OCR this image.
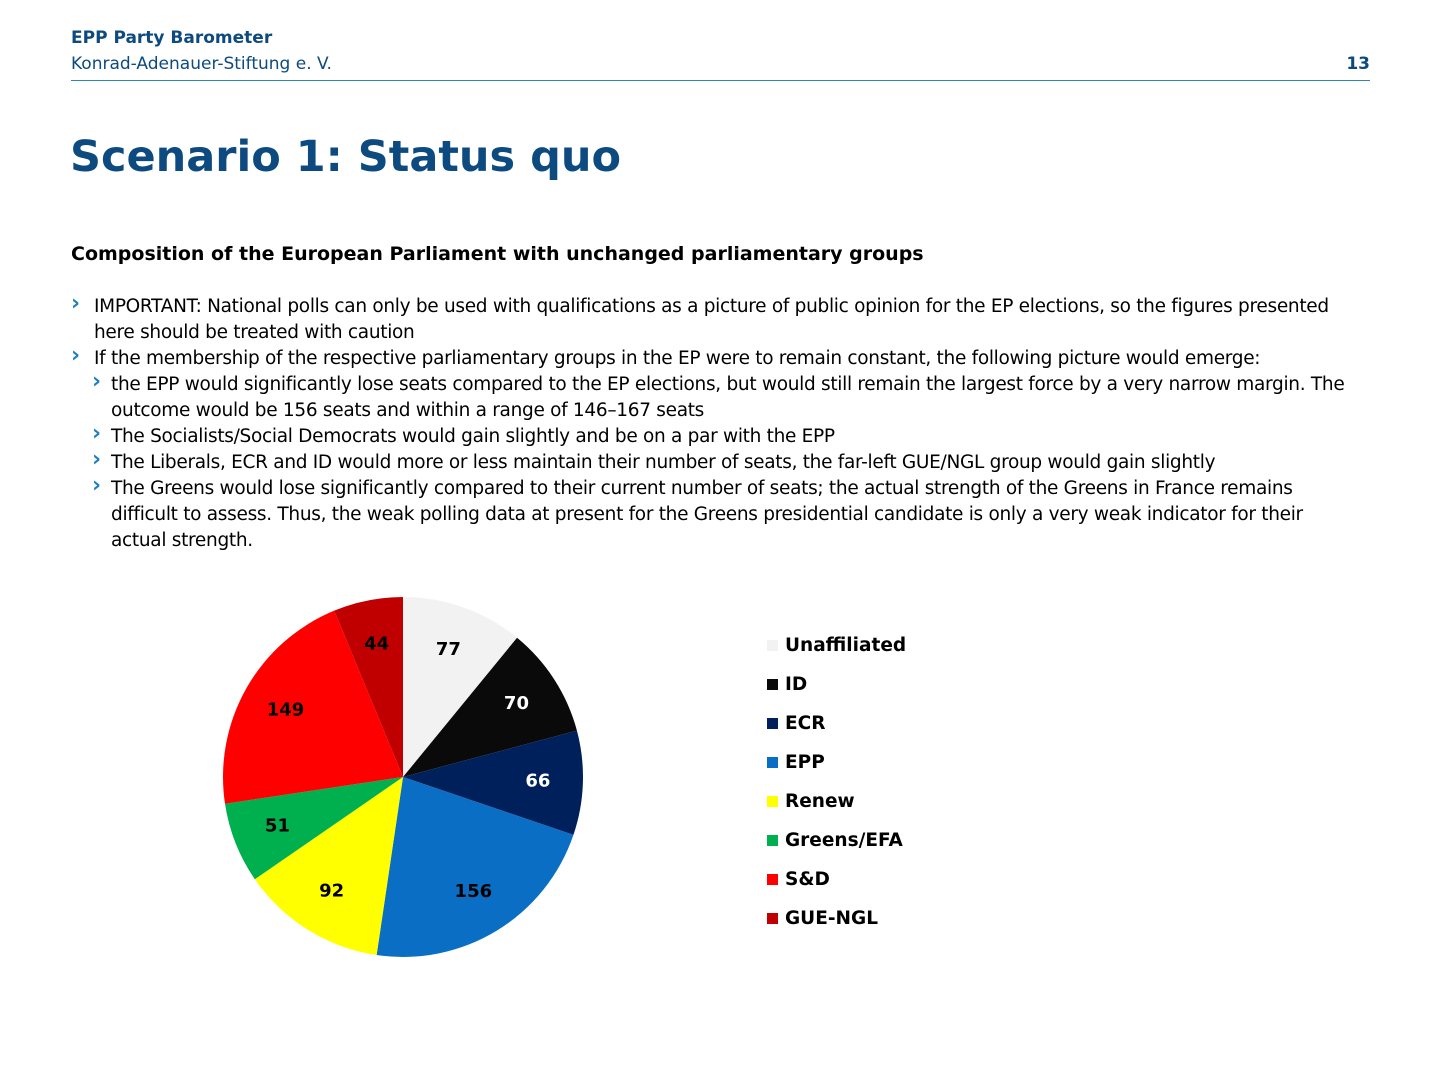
EPP Party Barometer
Konrad-Adenauer-Stiftung e. V.	13
Scenario 1: Status quo
Composition of the European Parliament with unchanged parliamentary groups
› IMPORTANT: National polls can only be used with qualifications as a picture of public opinion for the EP elections, so the figures presented here should be treated with caution
› If the membership of the respective parliamentary groups in the EP were to remain constant, the following picture would emerge:
› the EPP would significantly lose seats compared to the EP elections, but would still remain the largest force by a very narrow margin. The outcome would be 156 seats and within a range of 146–167 seats
› The Socialists/Social Democrats would gain slightly and be on a par with the EPP
› The Liberals, ECR and ID would more or less maintain their number of seats, the far-left GUE/NGL group would gain slightly
› The Greens would lose significantly compared to their current number of seats; the actual strength of the Greens in France remains difficult to assess. Thus, the weak polling data at present for the Greens presidential candidate is only a very weak indicator for their actual strength.
77
70
66
156
92
51
149
44	Unaffiliated
ID
ECR
EPP
Renew
Greens/EFA
S&D
GUE-NGL
